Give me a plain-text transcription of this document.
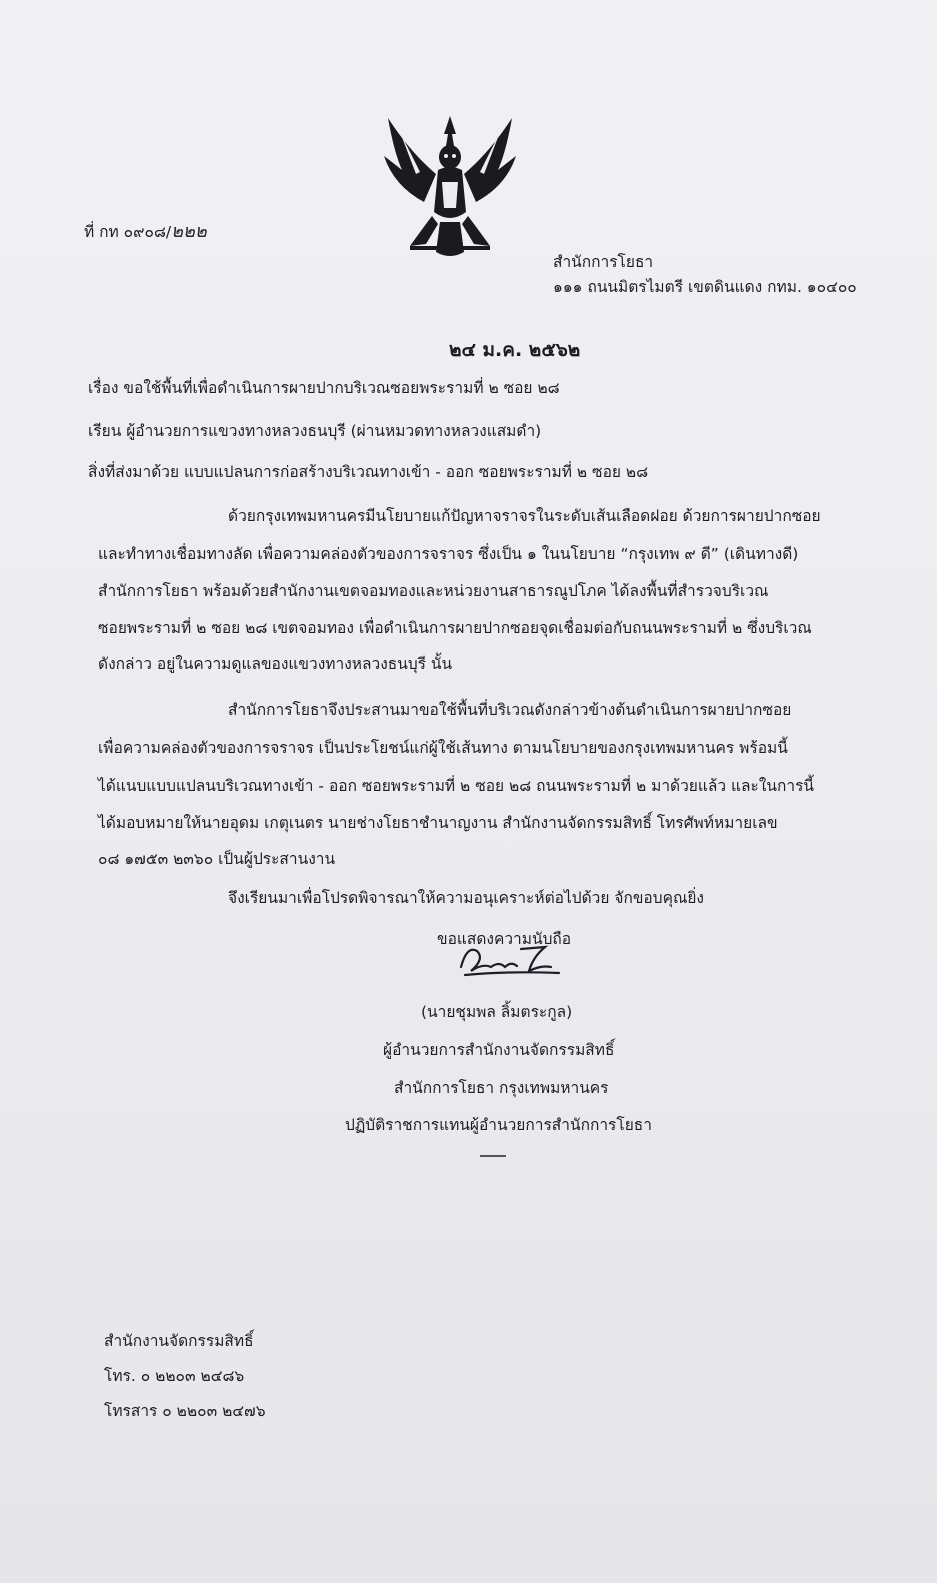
ที่ กท ๐๙๐๘/๒๒๒
สำนักการโยธา
๑๑๑ ถนนมิตรไมตรี เขตดินแดง กทม. ๑๐๔๐๐
๒๔ ม.ค. ๒๕๖๒
เรื่อง ขอใช้พื้นที่เพื่อดำเนินการผายปากบริเวณซอยพระรามที่ ๒ ซอย ๒๘
เรียน ผู้อำนวยการแขวงทางหลวงธนบุรี (ผ่านหมวดทางหลวงแสมดำ)
สิ่งที่ส่งมาด้วย แบบแปลนการก่อสร้างบริเวณทางเข้า - ออก ซอยพระรามที่ ๒ ซอย ๒๘
ด้วยกรุงเทพมหานครมีนโยบายแก้ปัญหาจราจรในระดับเส้นเลือดฝอย ด้วยการผายปากซอย
และทำทางเชื่อมทางลัด เพื่อความคล่องตัวของการจราจร ซึ่งเป็น ๑ ในนโยบาย “กรุงเทพ ๙ ดี” (เดินทางดี)
สำนักการโยธา พร้อมด้วยสำนักงานเขตจอมทองและหน่วยงานสาธารณูปโภค ได้ลงพื้นที่สำรวจบริเวณ
ซอยพระรามที่ ๒ ซอย ๒๘ เขตจอมทอง เพื่อดำเนินการผายปากซอยจุดเชื่อมต่อกับถนนพระรามที่ ๒ ซึ่งบริเวณ
ดังกล่าว อยู่ในความดูแลของแขวงทางหลวงธนบุรี นั้น
สำนักการโยธาจึงประสานมาขอใช้พื้นที่บริเวณดังกล่าวข้างต้นดำเนินการผายปากซอย
เพื่อความคล่องตัวของการจราจร เป็นประโยชน์แก่ผู้ใช้เส้นทาง ตามนโยบายของกรุงเทพมหานคร พร้อมนี้
ได้แนบแบบแปลนบริเวณทางเข้า - ออก ซอยพระรามที่ ๒ ซอย ๒๘ ถนนพระรามที่ ๒ มาด้วยแล้ว และในการนี้
ได้มอบหมายให้นายอุดม เกตุเนตร นายช่างโยธาชำนาญงาน สำนักงานจัดกรรมสิทธิ์ โทรศัพท์หมายเลข
๐๘ ๑๗๕๓ ๒๓๖๐ เป็นผู้ประสานงาน
จึงเรียนมาเพื่อโปรดพิจารณาให้ความอนุเคราะห์ต่อไปด้วย จักขอบคุณยิ่ง
ขอแสดงความนับถือ
(นายชุมพล ลิ้มตระกูล)
ผู้อำนวยการสำนักงานจัดกรรมสิทธิ์
สำนักการโยธา กรุงเทพมหานคร
ปฏิบัติราชการแทนผู้อำนวยการสำนักการโยธา
สำนักงานจัดกรรมสิทธิ์
โทร. ๐ ๒๒๐๓ ๒๔๘๖
โทรสาร ๐ ๒๒๐๓ ๒๔๗๖
